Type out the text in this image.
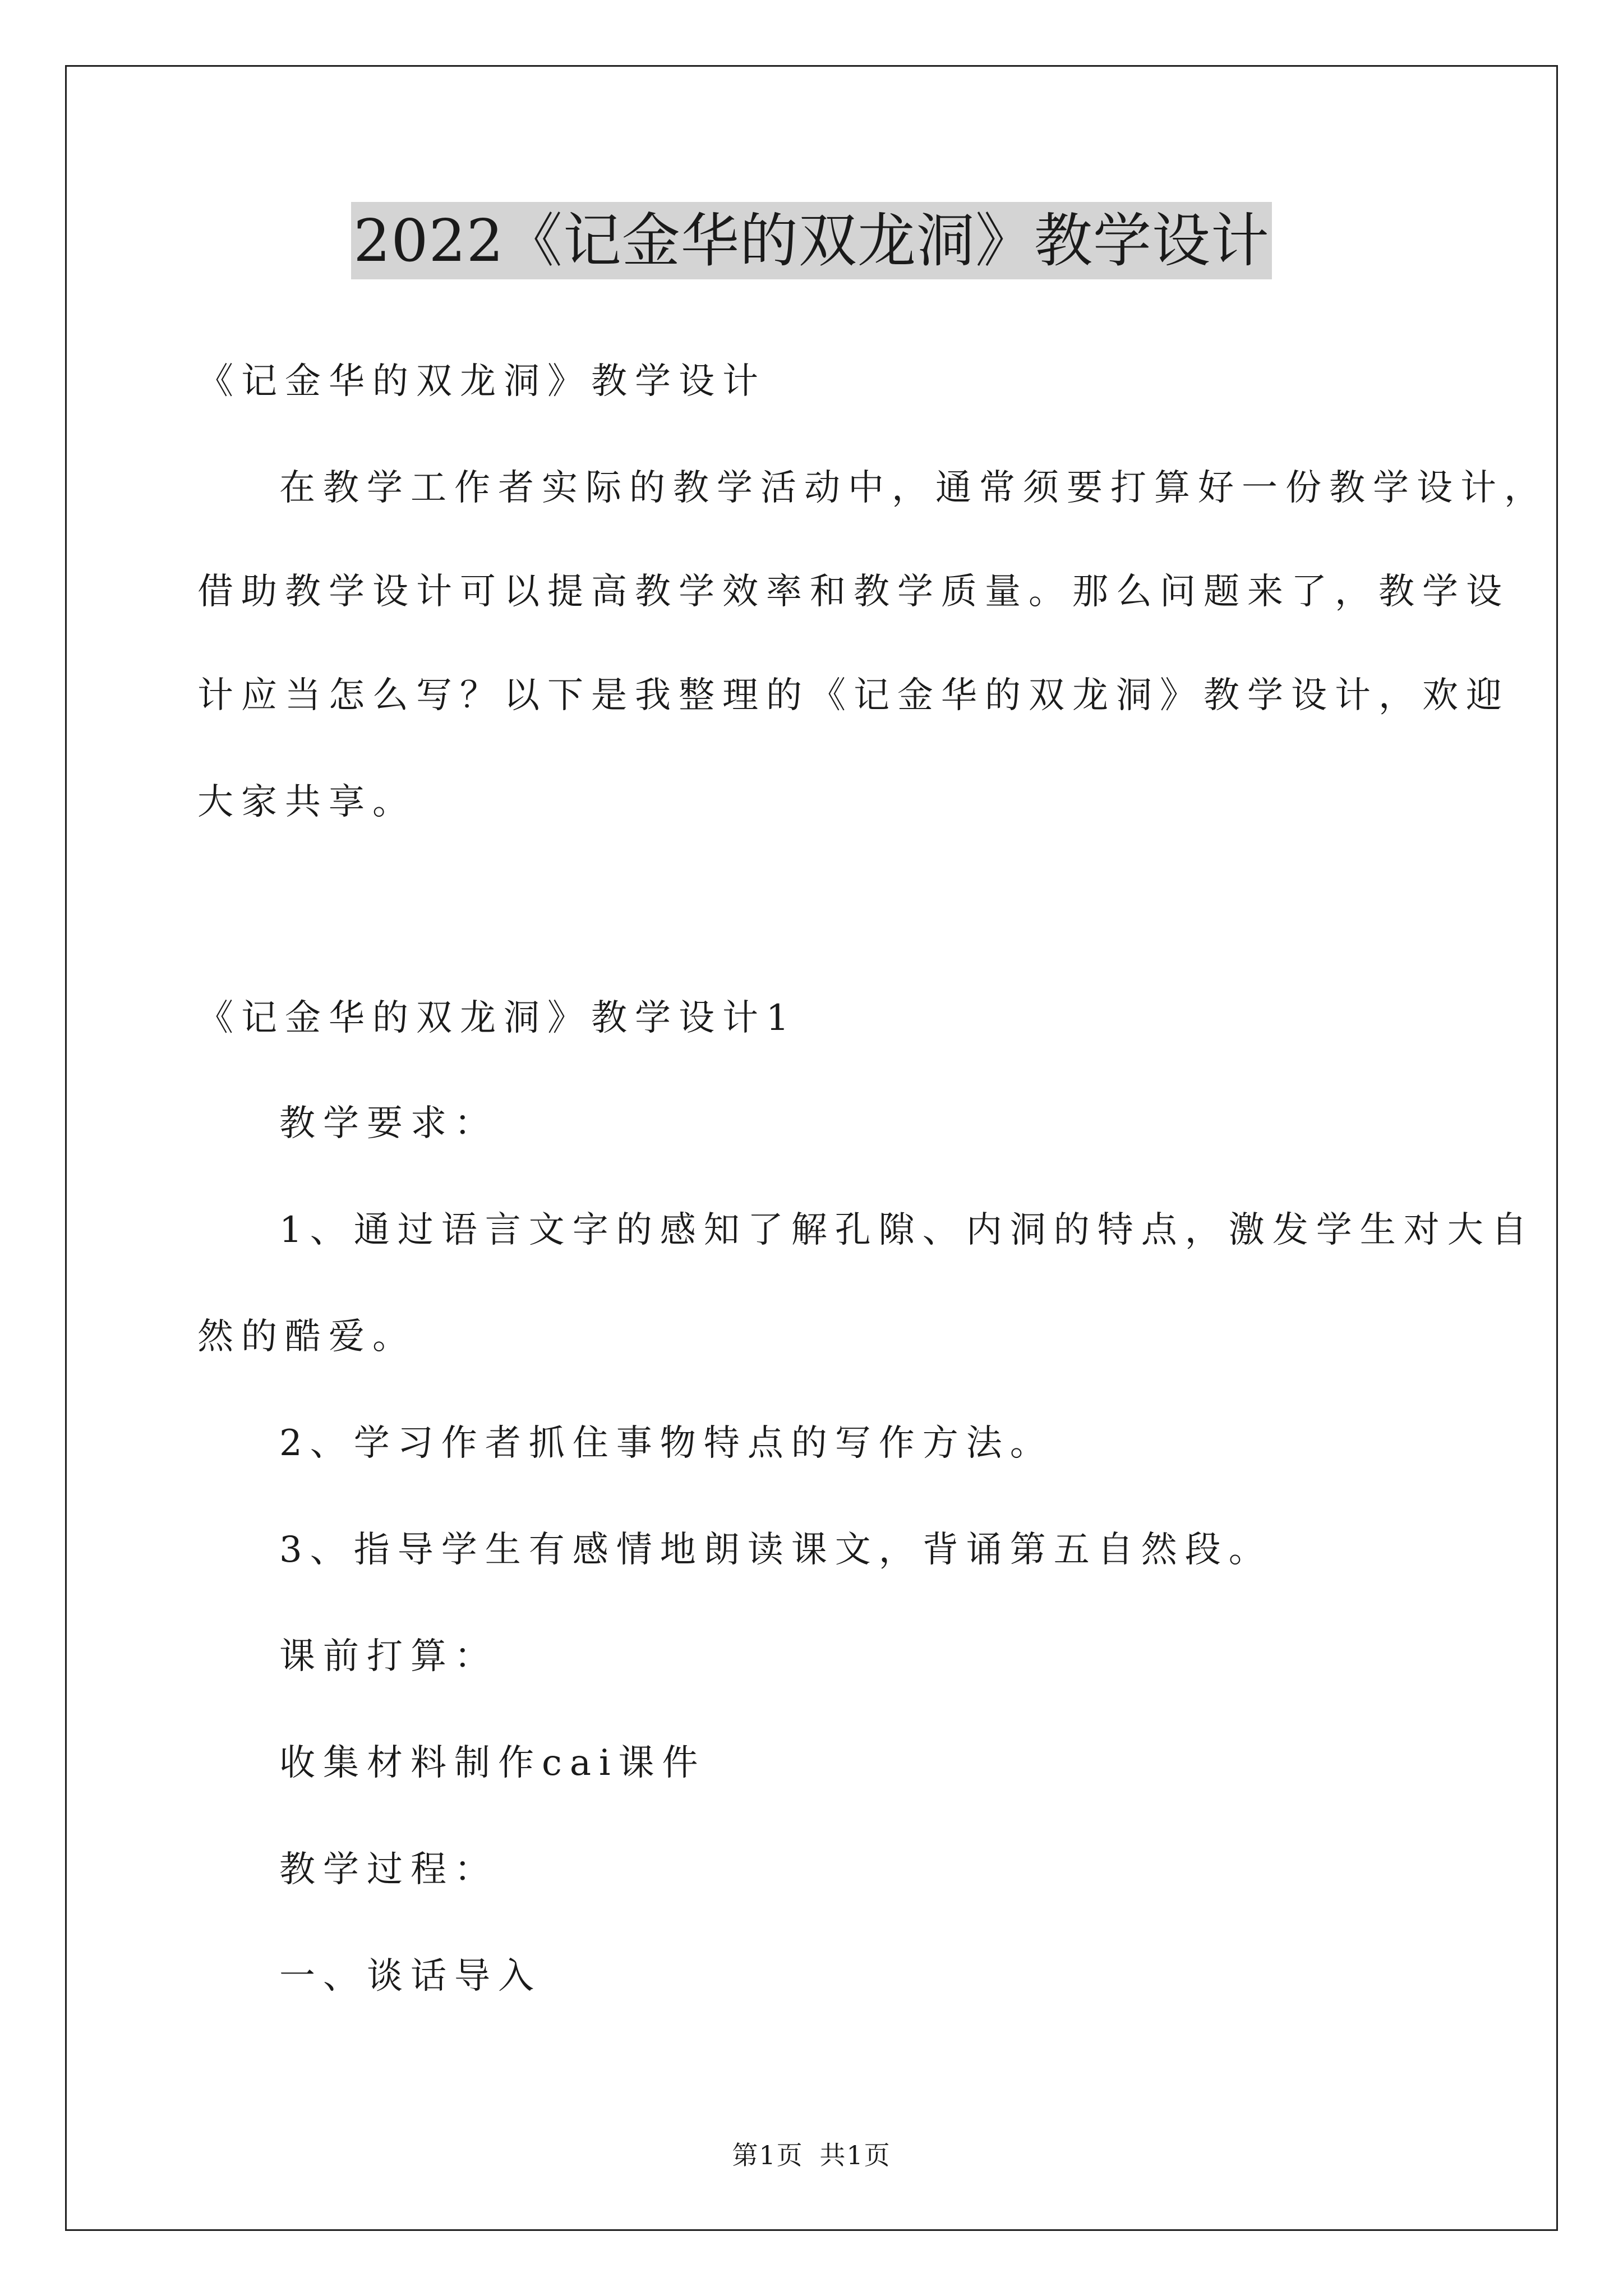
2022《记金华的双龙洞》教学设计
《记金华的双龙洞》教学设计
在教学工作者实际的教学活动中，通常须要打算好一份教学设计，
借助教学设计可以提高教学效率和教学质量。那么问题来了，教学设
计应当怎么写？以下是我整理的《记金华的双龙洞》教学设计，欢迎
大家共享。
《记金华的双龙洞》教学设计1
教学要求：
1、通过语言文字的感知了解孔隙、内洞的特点，激发学生对大自
然的酷爱。
2、学习作者抓住事物特点的写作方法。
3、指导学生有感情地朗读课文，背诵第五自然段。
课前打算：
收集材料制作cai课件
教学过程：
一、谈话导入
第1页 共1页
